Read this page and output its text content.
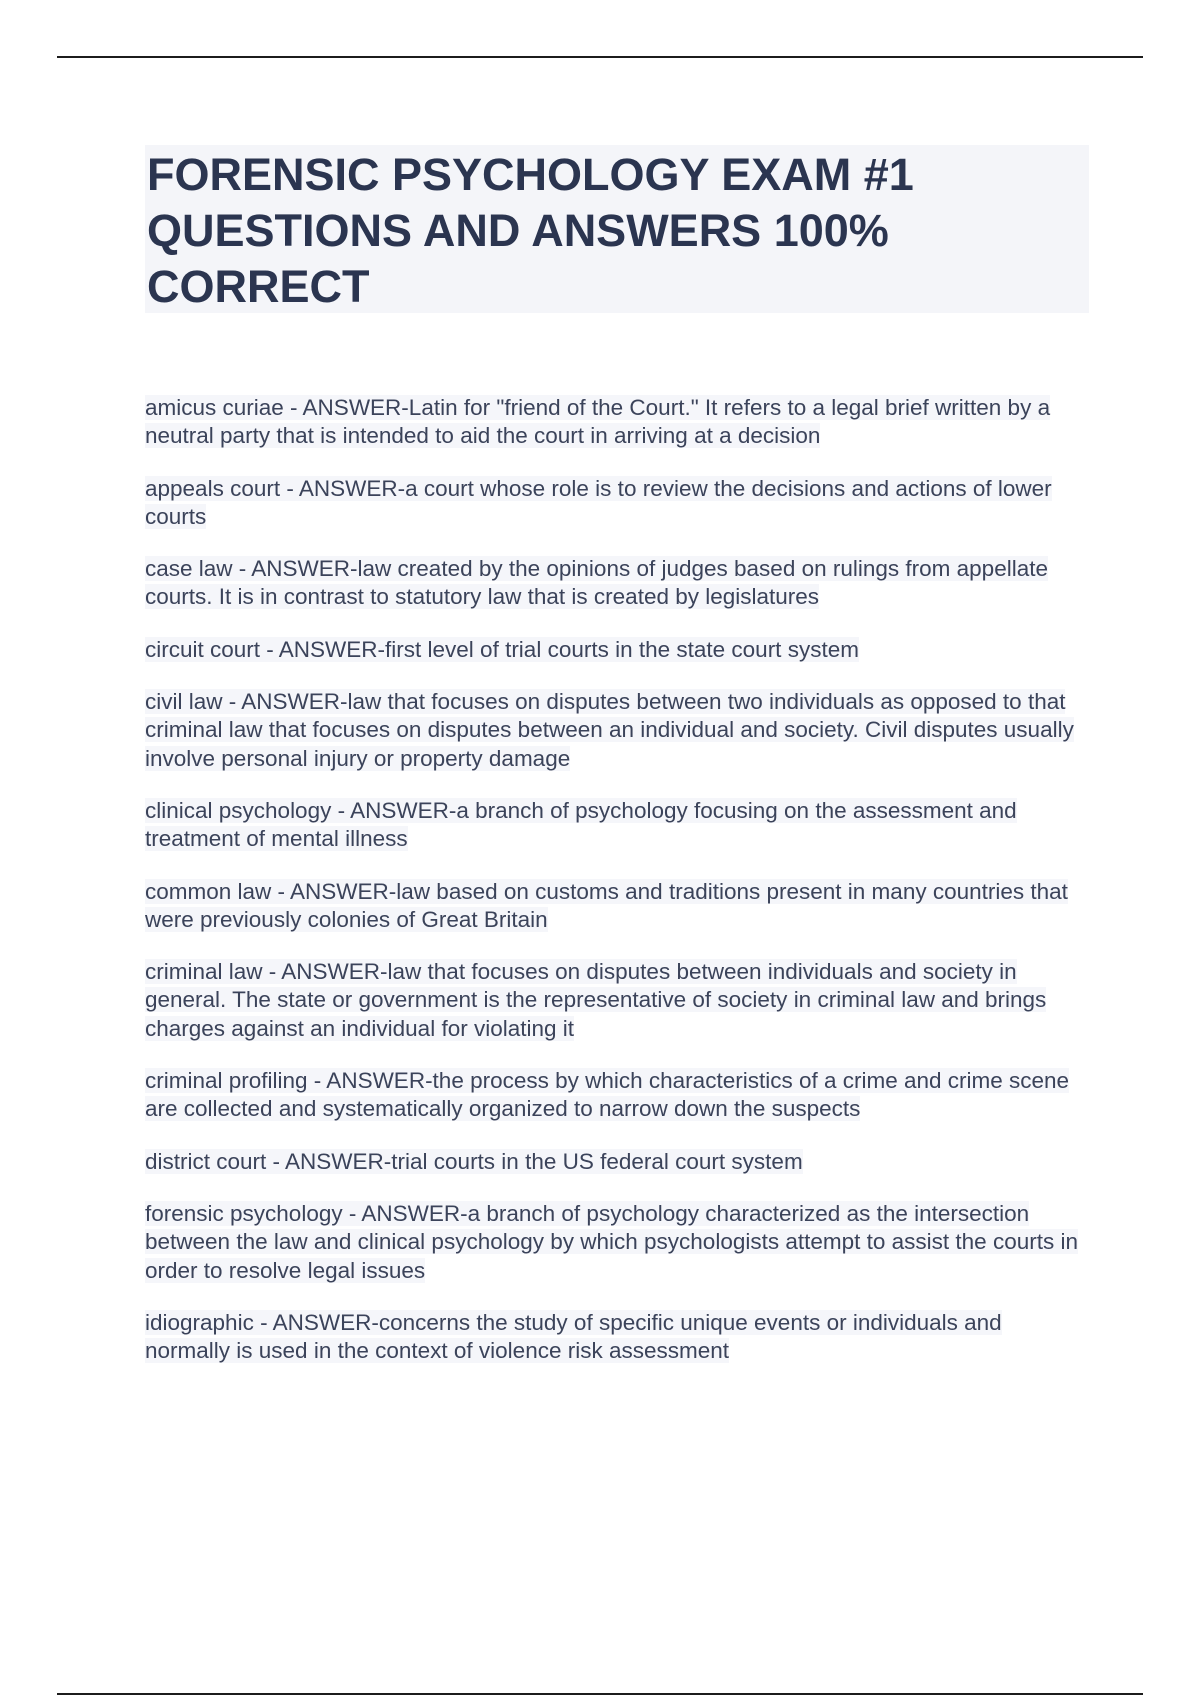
FORENSIC PSYCHOLOGY EXAM #1
QUESTIONS AND ANSWERS 100%
CORRECT

amicus curiae - ANSWER-Latin for "friend of the Court." It refers to a legal brief written by a neutral party that is intended to aid the court in arriving at a decision

appeals court - ANSWER-a court whose role is to review the decisions and actions of lower courts

case law - ANSWER-law created by the opinions of judges based on rulings from appellate courts. It is in contrast to statutory law that is created by legislatures

circuit court - ANSWER-first level of trial courts in the state court system

civil law - ANSWER-law that focuses on disputes between two individuals as opposed to that criminal law that focuses on disputes between an individual and society. Civil disputes usually involve personal injury or property damage

clinical psychology - ANSWER-a branch of psychology focusing on the assessment and treatment of mental illness

common law - ANSWER-law based on customs and traditions present in many countries that were previously colonies of Great Britain

criminal law - ANSWER-law that focuses on disputes between individuals and society in general. The state or government is the representative of society in criminal law and brings charges against an individual for violating it

criminal profiling - ANSWER-the process by which characteristics of a crime and crime scene are collected and systematically organized to narrow down the suspects

district court - ANSWER-trial courts in the US federal court system

forensic psychology - ANSWER-a branch of psychology characterized as the intersection between the law and clinical psychology by which psychologists attempt to assist the courts in order to resolve legal issues

idiographic - ANSWER-concerns the study of specific unique events or individuals and normally is used in the context of violence risk assessment
